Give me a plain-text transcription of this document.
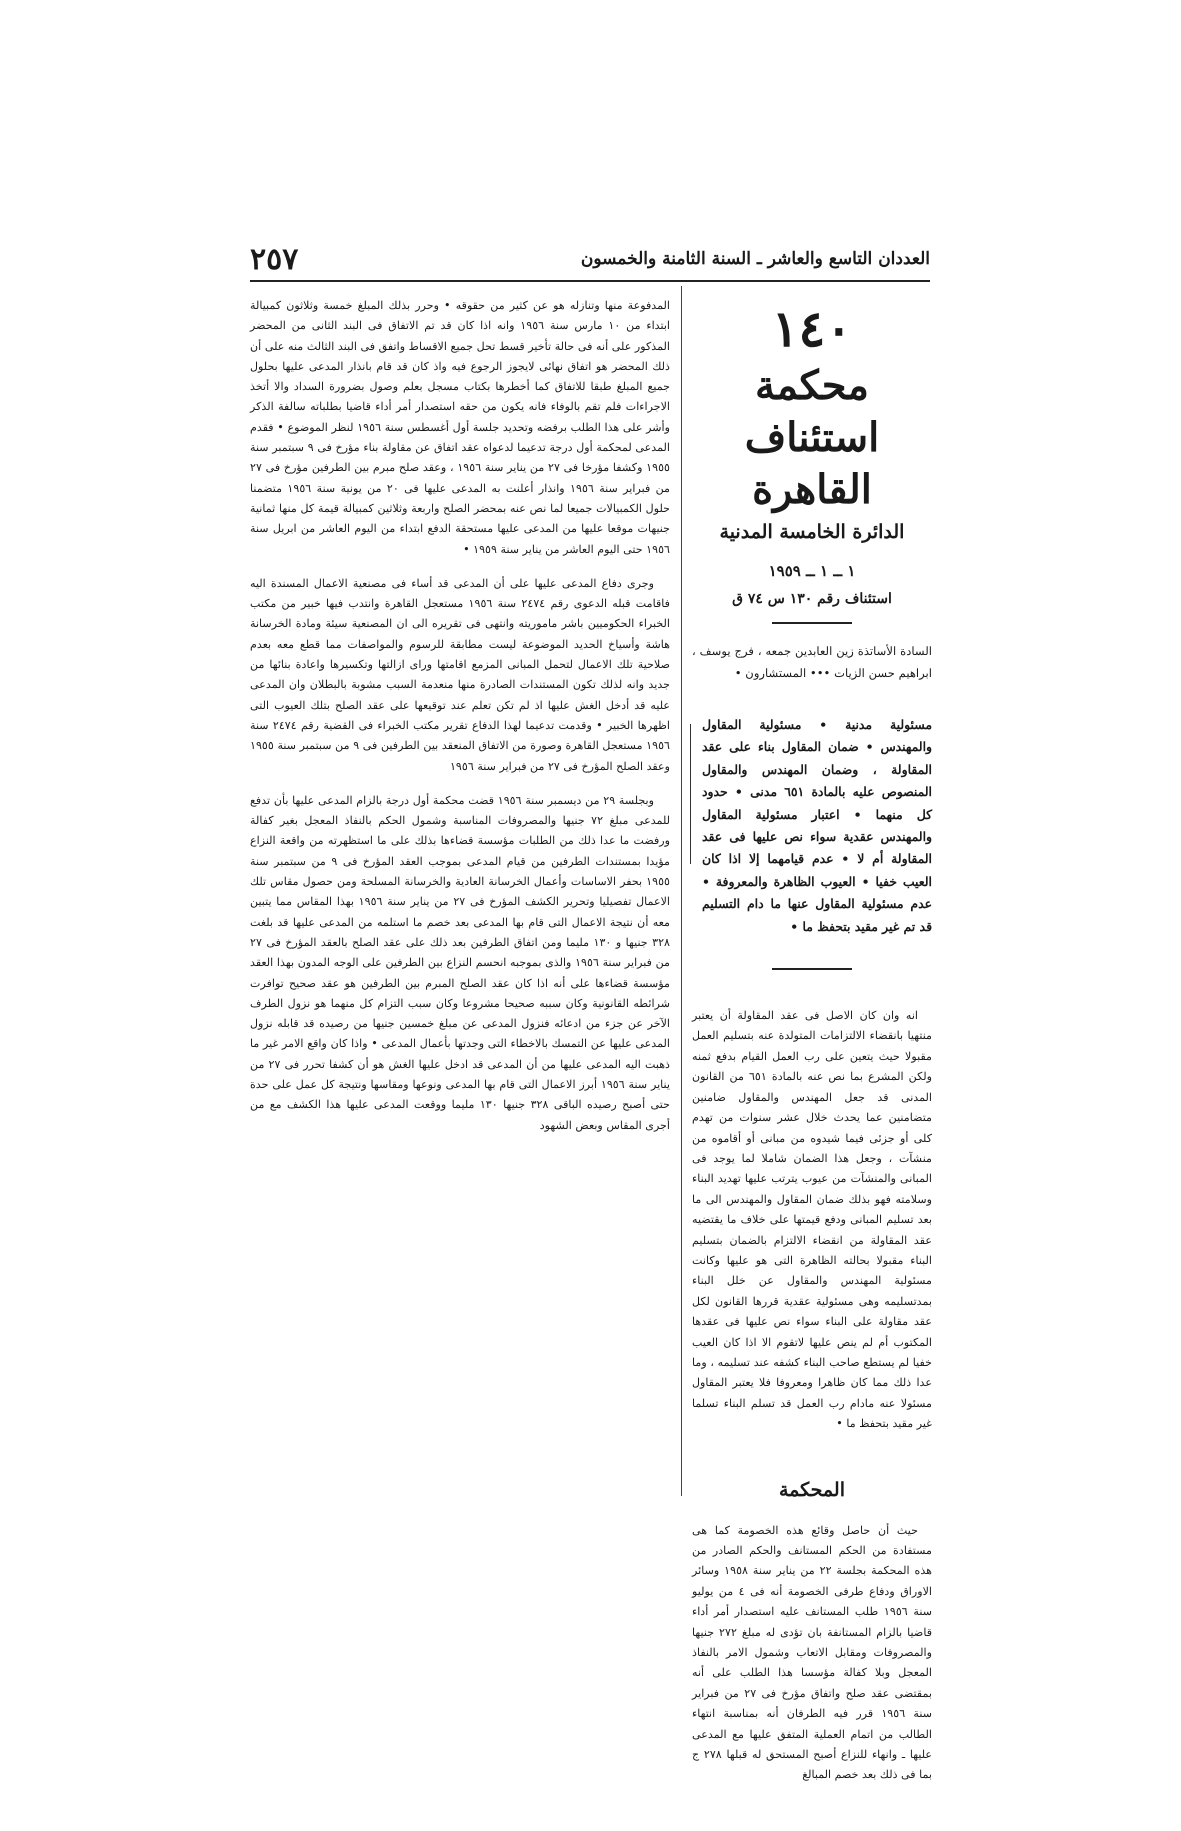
العددان التاسع والعاشر ـ السنة الثامنة والخمسون
٢٥٧
١٤٠
محكمة استئناف القاهرة
الدائرة الخامسة المدنية
١ ــ ١ ــ ١٩٥٩
استئناف رقم ١٣٠ س ٧٤ ق
السادة الأساتذة زين العابدين جمعه ، فرج يوسف ، ابراهيم حسن الزيات ••• المستشارون •
مسئولية مدنية • مسئولية المقاول والمهندس • ضمان المقاول بناء على عقد المقاولة ، وضمان المهندس والمقاول المنصوص عليه بالمادة ٦٥١ مدنى • حدود كل منهما • اعتبار مسئولية المقاول والمهندس عقدية سواء نص عليها فى عقد المقاولة أم لا • عدم قيامهما إلا اذا كان العيب خفيا • العيوب الظاهرة والمعروفة • عدم مسئولية المقاول عنها ما دام التسليم قد تم غير مقيد بتحفظ ما •

انه وان كان الاصل فى عقد المقاولة أن يعتبر منتهيا بانقضاء الالتزامات المتولدة عنه بتسليم العمل مقبولا حيث يتعين على رب العمل القيام بدفع ثمنه ولكن المشرع بما نص عنه بالمادة ٦٥١ من القانون المدنى قد جعل المهندس والمقاول ضامنين متضامنين عما يحدث خلال عشر سنوات من تهدم كلى أو جزئى فيما شيدوه من مبانى أو أقاموه من منشآت ، وجعل هذا الضمان شاملا لما يوجد فى المبانى والمنشآت من عيوب يترتب عليها تهديد البناء وسلامته فهو بذلك ضمان المقاول والمهندس الى ما بعد تسليم المبانى ودفع قيمتها على خلاف ما يقتضيه عقد المقاولة من انقضاء الالتزام بالضمان بتسليم البناء مقبولا بحالته الظاهرة التى هو عليها وكانت مسئولية المهندس والمقاول عن خلل البناء بمدتسليمه وهى مسئولية عقدية قررها القانون لكل عقد مقاولة على البناء سواء نص عليها فى عقدها المكتوب أم لم ينص عليها لاتقوم الا اذا كان العيب خفيا لم يستطع صاحب البناء كشفه عند تسليمه ، وما عدا ذلك مما كان ظاهرا ومعروفا فلا يعتبر المقاول مسئولا عنه مادام رب العمل قد تسلم البناء تسلما غير مقيد بتحفظ ما •

المحكمة

حيث أن حاصل وقائع هذه الخصومة كما هى مستفادة من الحكم المستانف والحكم الصادر من هذه المحكمة بجلسة ٢٢ من يناير سنة ١٩٥٨ وسائر الاوراق ودفاع طرفى الخصومة أنه فى ٤ من يوليو سنة ١٩٥٦ طلب المستانف عليه استصدار أمر أداء قاضيا بالزام المستانفة بان تؤدى له مبلغ ٢٧٢ جنيها والمصروفات ومقابل الاتعاب وشمول الامر بالنفاذ المعجل وبلا كفالة مؤسسا هذا الطلب على أنه بمقتضى عقد صلح واتفاق مؤرخ فى ٢٧ من فبراير سنة ١٩٥٦ قرر فيه الطرفان أنه بمناسبة انتهاء الطالب من اتمام العملية المتفق عليها مع المدعى عليها ـ وانهاء للنزاع أصبح المستحق له قبلها ٢٧٨ ج بما فى ذلك بعد خصم المبالغ

المدفوعة منها وتنازله هو عن كثير من حقوقه • وحرر بذلك المبلغ خمسة وثلاثون كمبيالة ابتداء من ١٠ مارس سنة ١٩٥٦ وانه اذا كان قد تم الاتفاق فى البند الثانى من المحضر المذكور على أنه فى حالة تأخير قسط تحل جميع الاقساط واتفق فى البند الثالث منه على أن ذلك المحضر هو اتفاق نهائى لايجوز الرجوع فيه واذ كان قد قام بانذار المدعى عليها بحلول جميع المبلغ طبقا للاتفاق كما أخطرها بكتاب مسجل بعلم وصول بضرورة السداد والا أتخذ الاجراءات فلم تقم بالوفاء فانه يكون من حقه استصدار أمر أداء قاضيا بطلباته سالفة الذكر وأشر على هذا الطلب برفضه وتحديد جلسة أول أغسطس سنة ١٩٥٦ لنظر الموضوع • فقدم المدعى لمحكمة أول درجة تدعيما لدعواه عقد اتفاق عن مقاولة بناء مؤرخ فى ٩ سبتمبر سنة ١٩٥٥ وكشفا مؤرخا فى ٢٧ من يناير سنة ١٩٥٦ ، وعقد صلح مبرم بين الطرفين مؤرخ فى ٢٧ من فبراير سنة ١٩٥٦ وانذار أعلنت به المدعى عليها فى ٢٠ من يونية سنة ١٩٥٦ متضمنا حلول الكمبيالات جميعا لما نص عنه بمحضر الصلح واربعة وثلاثين كمبيالة قيمة كل منها ثمانية جنيهات موقعا عليها من المدعى عليها مستحقة الدفع ابتداء من اليوم العاشر من ابريل سنة ١٩٥٦ حتى اليوم العاشر من يناير سنة ١٩٥٩ •

وجرى دفاع المدعى عليها على أن المدعى قد أساء فى مصنعية الاعمال المسندة اليه فاقامت قبله الدعوى رقم ٢٤٧٤ سنة ١٩٥٦ مستعجل القاهرة وانتدب فيها خبير من مكتب الخبراء الحكوميين باشر ماموريته وانتهى فى تقريره الى ان المصنعية سيئة ومادة الخرسانة هاشة وأسياخ الحديد الموضوعة ليست مطابقة للرسوم والمواصفات مما قطع معه بعدم صلاحية تلك الاعمال لتحمل المبانى المزمع اقامتها وراى ازالتها وتكسيرها واعادة بنائها من جديد وانه لذلك تكون المستندات الصادرة منها منعدمة السبب مشوبة بالبطلان وان المدعى عليه قد أدخل الغش عليها اذ لم تكن تعلم عند توقيعها على عقد الصلح بتلك العيوب التى اظهرها الخبير • وقدمت تدعيما لهذا الدفاع تقرير مكتب الخبراء فى القضية رقم ٢٤٧٤ سنة ١٩٥٦ مستعجل القاهرة وصورة من الاتفاق المنعقد بين الطرفين فى ٩ من سبتمبر سنة ١٩٥٥ وعقد الصلح المؤرخ فى ٢٧ من فبراير سنة ١٩٥٦

وبجلسة ٢٩ من ديسمبر سنة ١٩٥٦ قضت محكمة أول درجة بالزام المدعى عليها بأن تدفع للمدعى مبلغ ٧٢ جنيها والمصروفات المناسبة وشمول الحكم بالنفاذ المعجل بغير كفالة ورفضت ما عدا ذلك من الطلبات مؤسسة قضاءها بذلك على ما استظهرته من واقعة النزاع مؤيدا بمستندات الطرفين من قيام المدعى بموجب العقد المؤرخ فى ٩ من سبتمبر سنة ١٩٥٥ بحفر الاساسات وأعمال الخرسانة العادية والخرسانة المسلحة ومن حصول مقاس تلك الاعمال تفصيليا وتحرير الكشف المؤرخ فى ٢٧ من يناير سنة ١٩٥٦ بهذا المقاس مما يتبين معه أن نتيجة الاعمال التى قام بها المدعى بعد خصم ما استلمه من المدعى عليها قد بلغت ٣٢٨ جنيها و ١٣٠ مليما ومن اتفاق الطرفين بعد ذلك على عقد الصلح بالعقد المؤرخ فى ٢٧ من فبراير سنة ١٩٥٦ والذى بموجبه انحسم النزاع بين الطرفين على الوجه المدون بهذا العقد مؤسسة قضاءها على أنه اذا كان عقد الصلح المبرم بين الطرفين هو عقد صحيح توافرت شرائطه القانونية وكان سببه صحيحا مشروعا وكان سبب التزام كل منهما هو نزول الطرف الآخر عن جزء من ادعائه فنزول المدعى عن مبلغ خمسين جنيها من رصيده قد قابله نزول المدعى عليها عن التمسك بالاخطاء التى وجدتها بأعمال المدعى • واذا كان واقع الامر غير ما ذهبت اليه المدعى عليها من أن المدعى قد ادخل عليها الغش هو أن كشفا تحرر فى ٢٧ من يناير سنة ١٩٥٦ أبرز الاعمال التى قام بها المدعى ونوعها ومقاسها ونتيجة كل عمل على حدة حتى أصبح رصيده الباقى ٣٢٨ جنيها ١٣٠ مليما ووقعت المدعى عليها هذا الكشف مع من أجرى المقاس وبعض الشهود
